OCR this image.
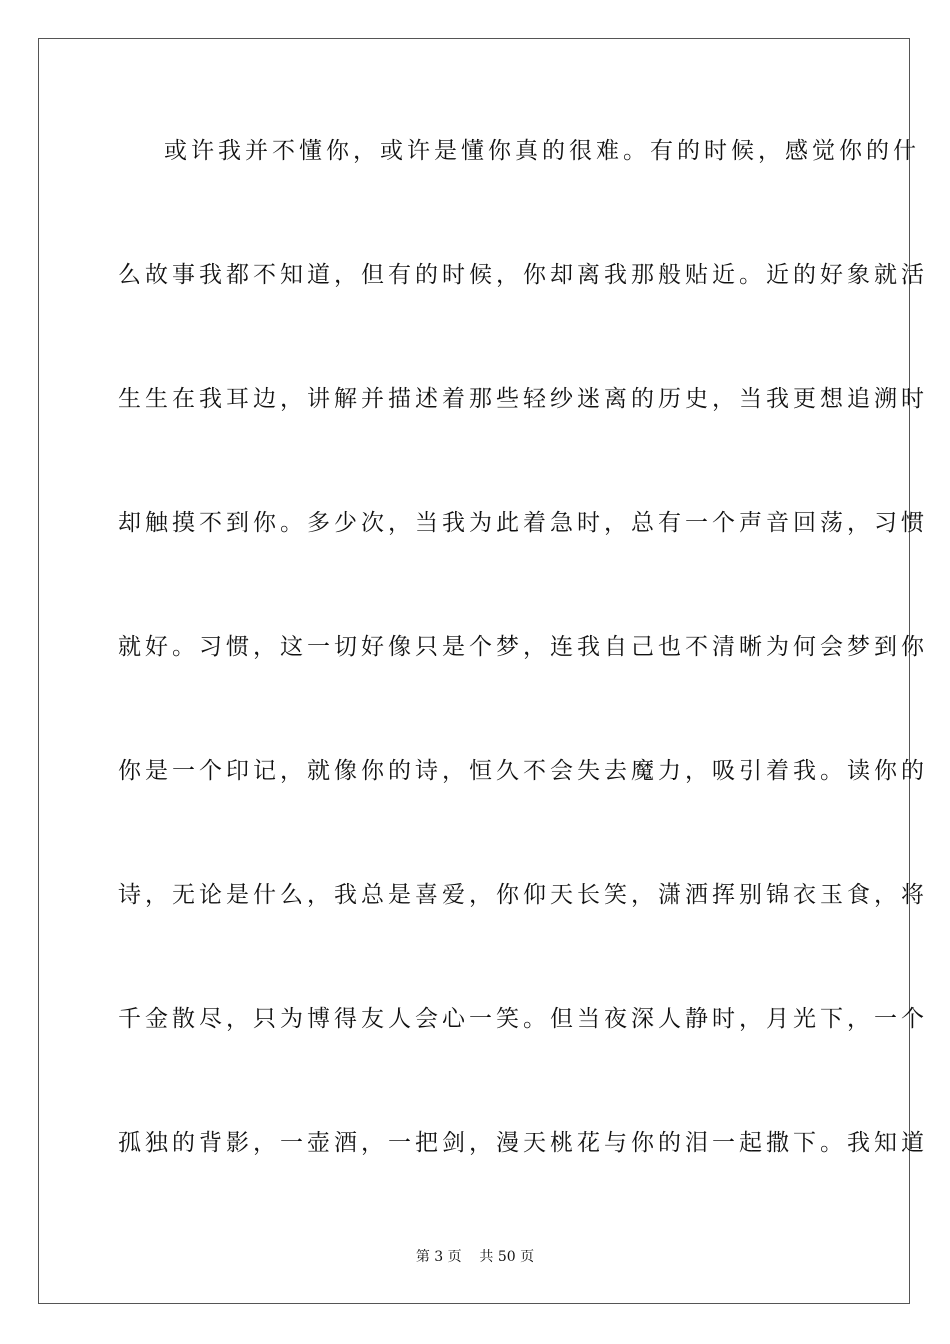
或许我并不懂你，或许是懂你真的很难。有的时候，感觉你的什
么故事我都不知道，但有的时候，你却离我那般贴近。近的好象就活
生生在我耳边，讲解并描述着那些轻纱迷离的历史，当我更想追溯时
却触摸不到你。多少次，当我为此着急时，总有一个声音回荡，习惯
就好。习惯，这一切好像只是个梦，连我自己也不清晰为何会梦到你
你是一个印记，就像你的诗，恒久不会失去魔力，吸引着我。读你的
诗，无论是什么，我总是喜爱，你仰天长笑，潇洒挥别锦衣玉食，将
千金散尽，只为博得友人会心一笑。但当夜深人静时，月光下，一个
孤独的背影，一壶酒，一把剑，漫天桃花与你的泪一起撒下。我知道
第 3 页    共 50 页
